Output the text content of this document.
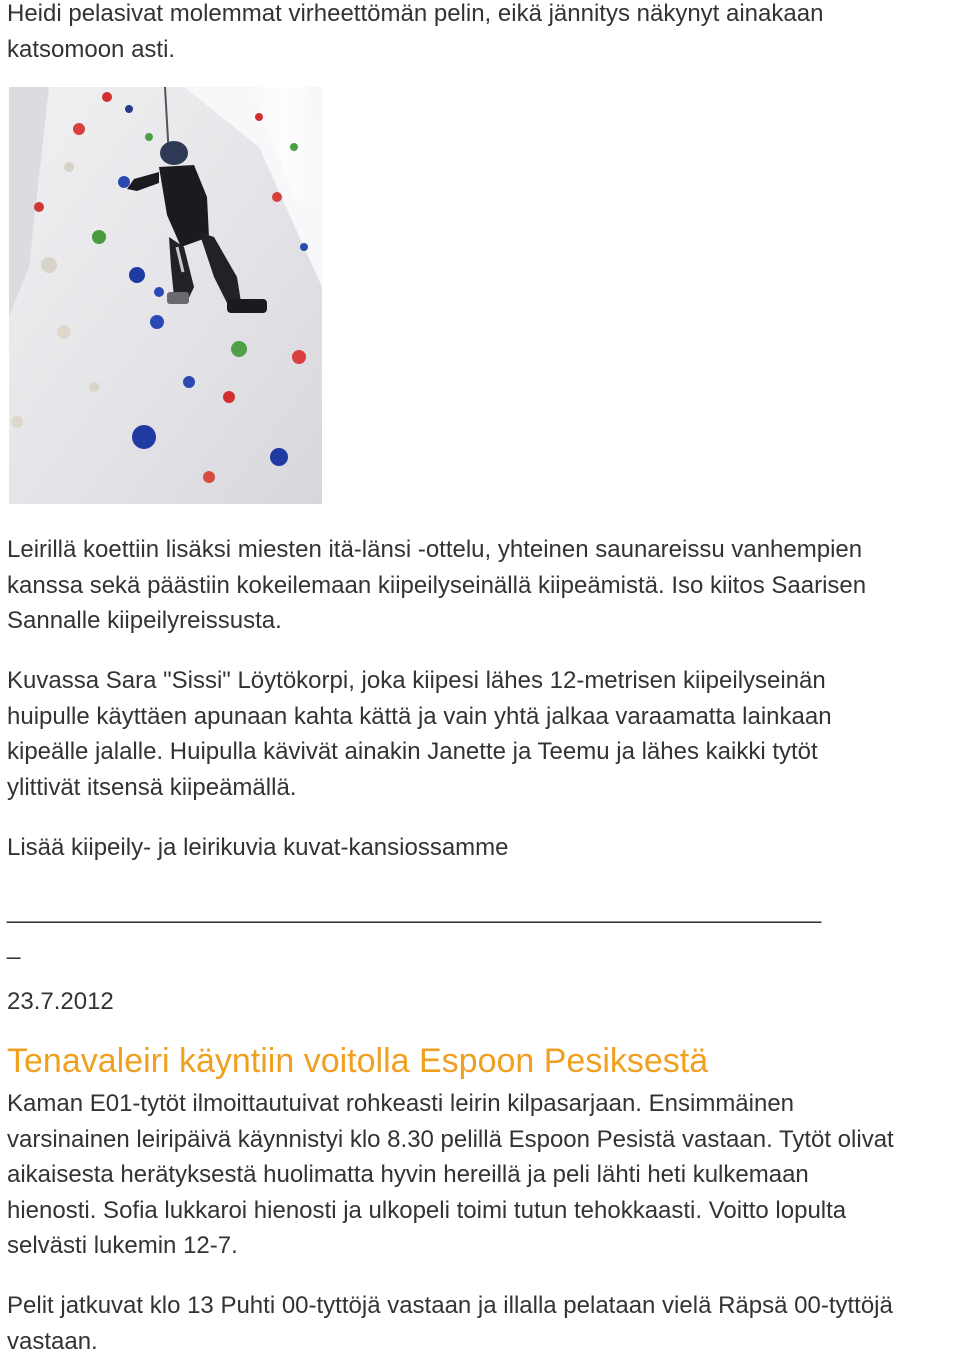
Heidi pelasivat molemmat virheettömän pelin, eikä jännitys näkynyt ainakaan
katsomoon asti.

Leirillä koettiin lisäksi miesten itä-länsi -ottelu, yhteinen saunareissu vanhempien
kanssa sekä päästiin kokeilemaan kiipeilyseinällä kiipeämistä. Iso kiitos Saarisen
Sannalle kiipeilyreissusta.

Kuvassa Sara "Sissi" Löytökorpi, joka kiipesi lähes 12-metrisen kiipeilyseinän
huipulle käyttäen apunaan kahta kättä ja vain yhtä jalkaa varaamatta lainkaan
kipeälle jalalle. Huipulla kävivät ainakin Janette ja Teemu ja lähes kaikki tytöt
ylittivät itsensä kiipeämällä.

Lisää kiipeily- ja leirikuvia kuvat-kansiossamme

_____________________________________________________________
_

23.7.2012

Tenavaleiri käyntiin voitolla Espoon Pesiksestä

Kaman E01-tytöt ilmoittautuivat rohkeasti leirin kilpasarjaan. Ensimmäinen
varsinainen leiripäivä käynnistyi klo 8.30 pelillä Espoon Pesistä vastaan. Tytöt olivat
aikaisesta herätyksestä huolimatta hyvin hereillä ja peli lähti heti kulkemaan
hienosti. Sofia lukkaroi hienosti ja ulkopeli toimi tutun tehokkaasti. Voitto lopulta
selvästi lukemin 12-7.

Pelit jatkuvat klo 13 Puhti 00-tyttöjä vastaan ja illalla pelataan vielä Räpsä 00-tyttöjä
vastaan.
